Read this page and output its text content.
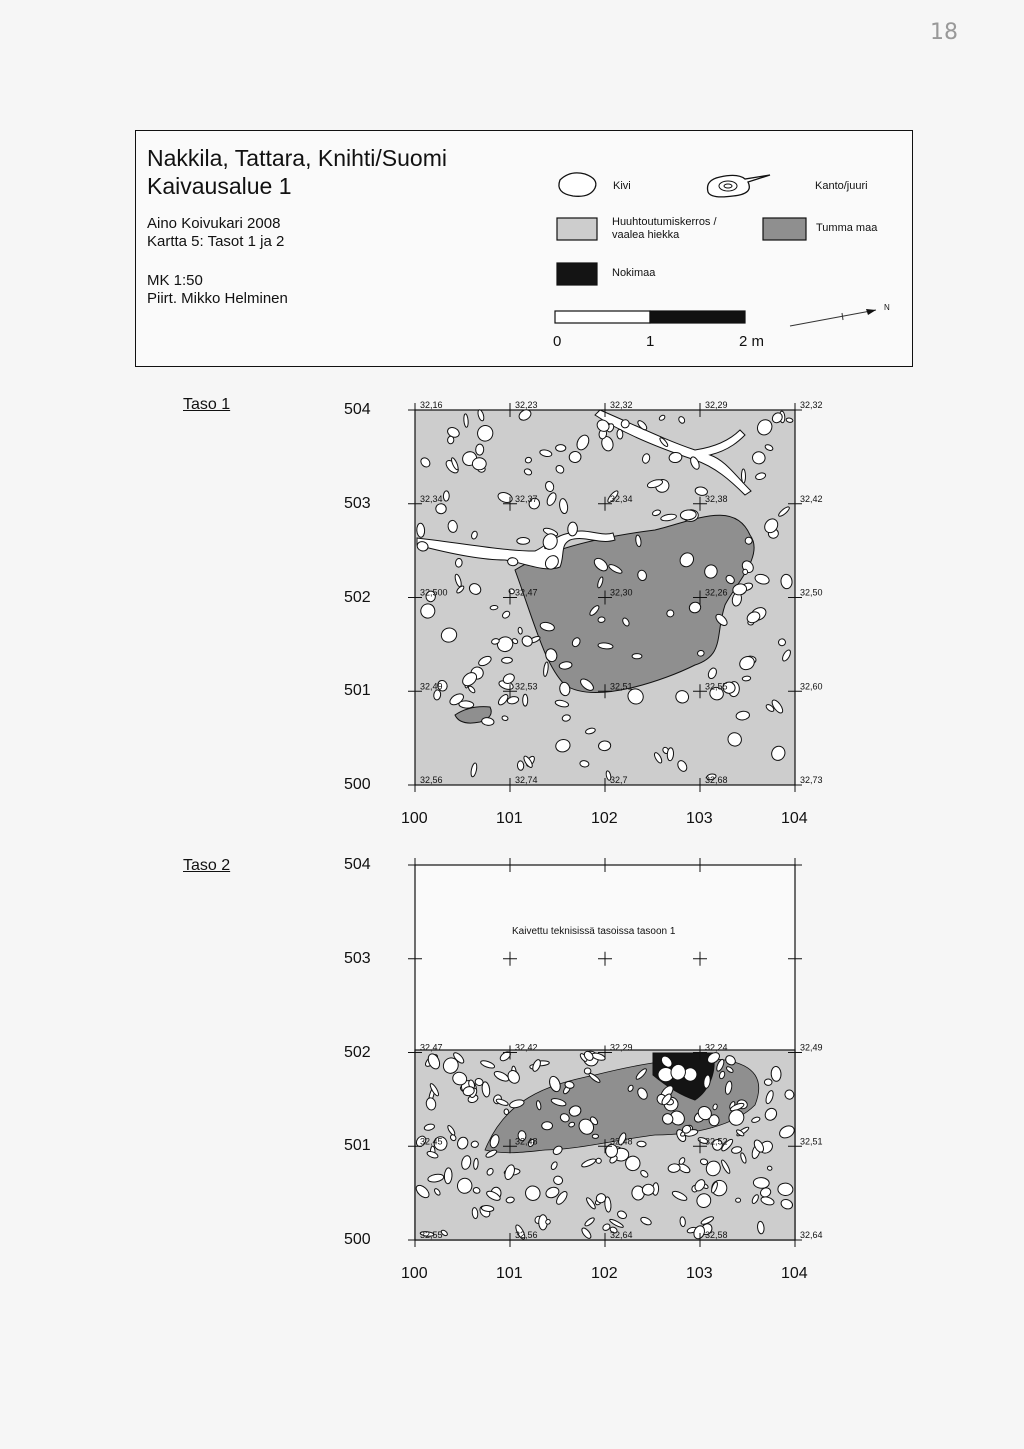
18
Nakkila, Tattara, Knihti/Suomi
Kaivausalue 1
Aino Koivukari 2008
Kartta 5: Tasot 1 ja 2
MK 1:50
Piirt. Mikko Helminen
Kivi	Kanto/juuri
Huuhtoutumiskerros /
vaalea hiekka
Tumma maa
Nokimaa
0	1	2 m
N
Taso 1	32,16	32,23	32,32	32,29	32,32
32,34	32,37	32,34	32,38	32,42
32,500	32,47	32,30	32,26	32,50
32,49	32,53	32,51	32,55	32,60
32,56	32,74	32,7	32,68	32,73
504
503
502
501
500
100	101	102	103	104
Taso 2
32,47	32,42	32,29	32,24	32,49
32,45	32,48	32,48	32,52	32,51
32,55	32,56	32,64	32,58	32,64
Kaivettu teknisissä tasoissa tasoon 1
504
503
502
501
500
100	101	102	103	104
